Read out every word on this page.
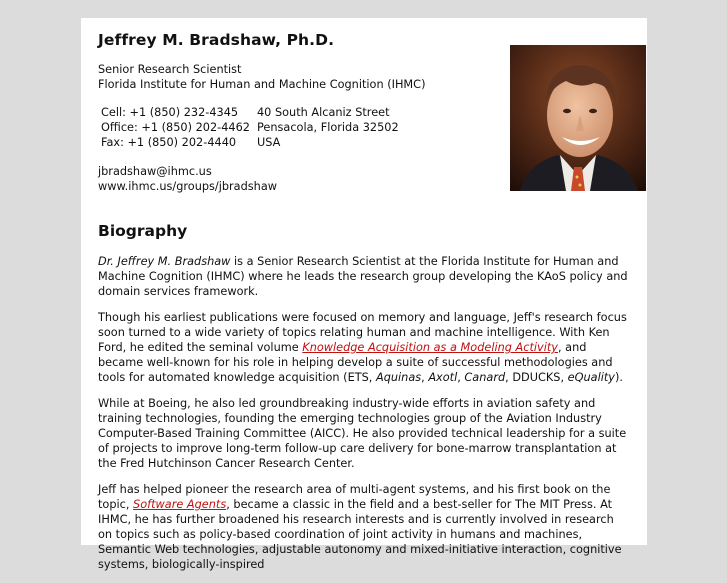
Jeffrey M. Bradshaw, Ph.D.
Senior Research Scientist
Florida Institute for Human and Machine Cognition (IHMC)
Cell: +1 (850) 232-4345	40 South Alcaniz Street
Office: +1 (850) 202-4462	Pensacola, Florida 32502
Fax: +1 (850) 202-4440	USA
jbradshaw@ihmc.us
www.ihmc.us/groups/jbradshaw
Biography

Dr. Jeffrey M. Bradshaw is a Senior Research Scientist at the Florida Institute for Human and Machine Cognition (IHMC) where he leads the research group developing the KAoS policy and domain services framework.

Though his earliest publications were focused on memory and language, Jeff's research focus soon turned to a wide variety of topics relating human and machine intelligence. With Ken Ford, he edited the seminal volume Knowledge Acquisition as a Modeling Activity, and became well-known for his role in helping develop a suite of successful methodologies and tools for automated knowledge acquisition (ETS, Aquinas, Axotl, Canard, DDUCKS, eQuality).

While at Boeing, he also led groundbreaking industry-wide efforts in aviation safety and training technologies, founding the emerging technologies group of the Aviation Industry Computer-Based Training Committee (AICC). He also provided technical leadership for a suite of projects to improve long-term follow-up care delivery for bone-marrow transplantation at the Fred Hutchinson Cancer Research Center.

Jeff has helped pioneer the research area of multi-agent systems, and his first book on the topic, Software Agents, became a classic in the field and a best-seller for The MIT Press. At IHMC, he has further broadened his research interests and is currently involved in research on topics such as policy-based coordination of joint activity in humans and machines, Semantic Web technologies, adjustable autonomy and mixed-initiative interaction, cognitive systems, biologically-inspired
